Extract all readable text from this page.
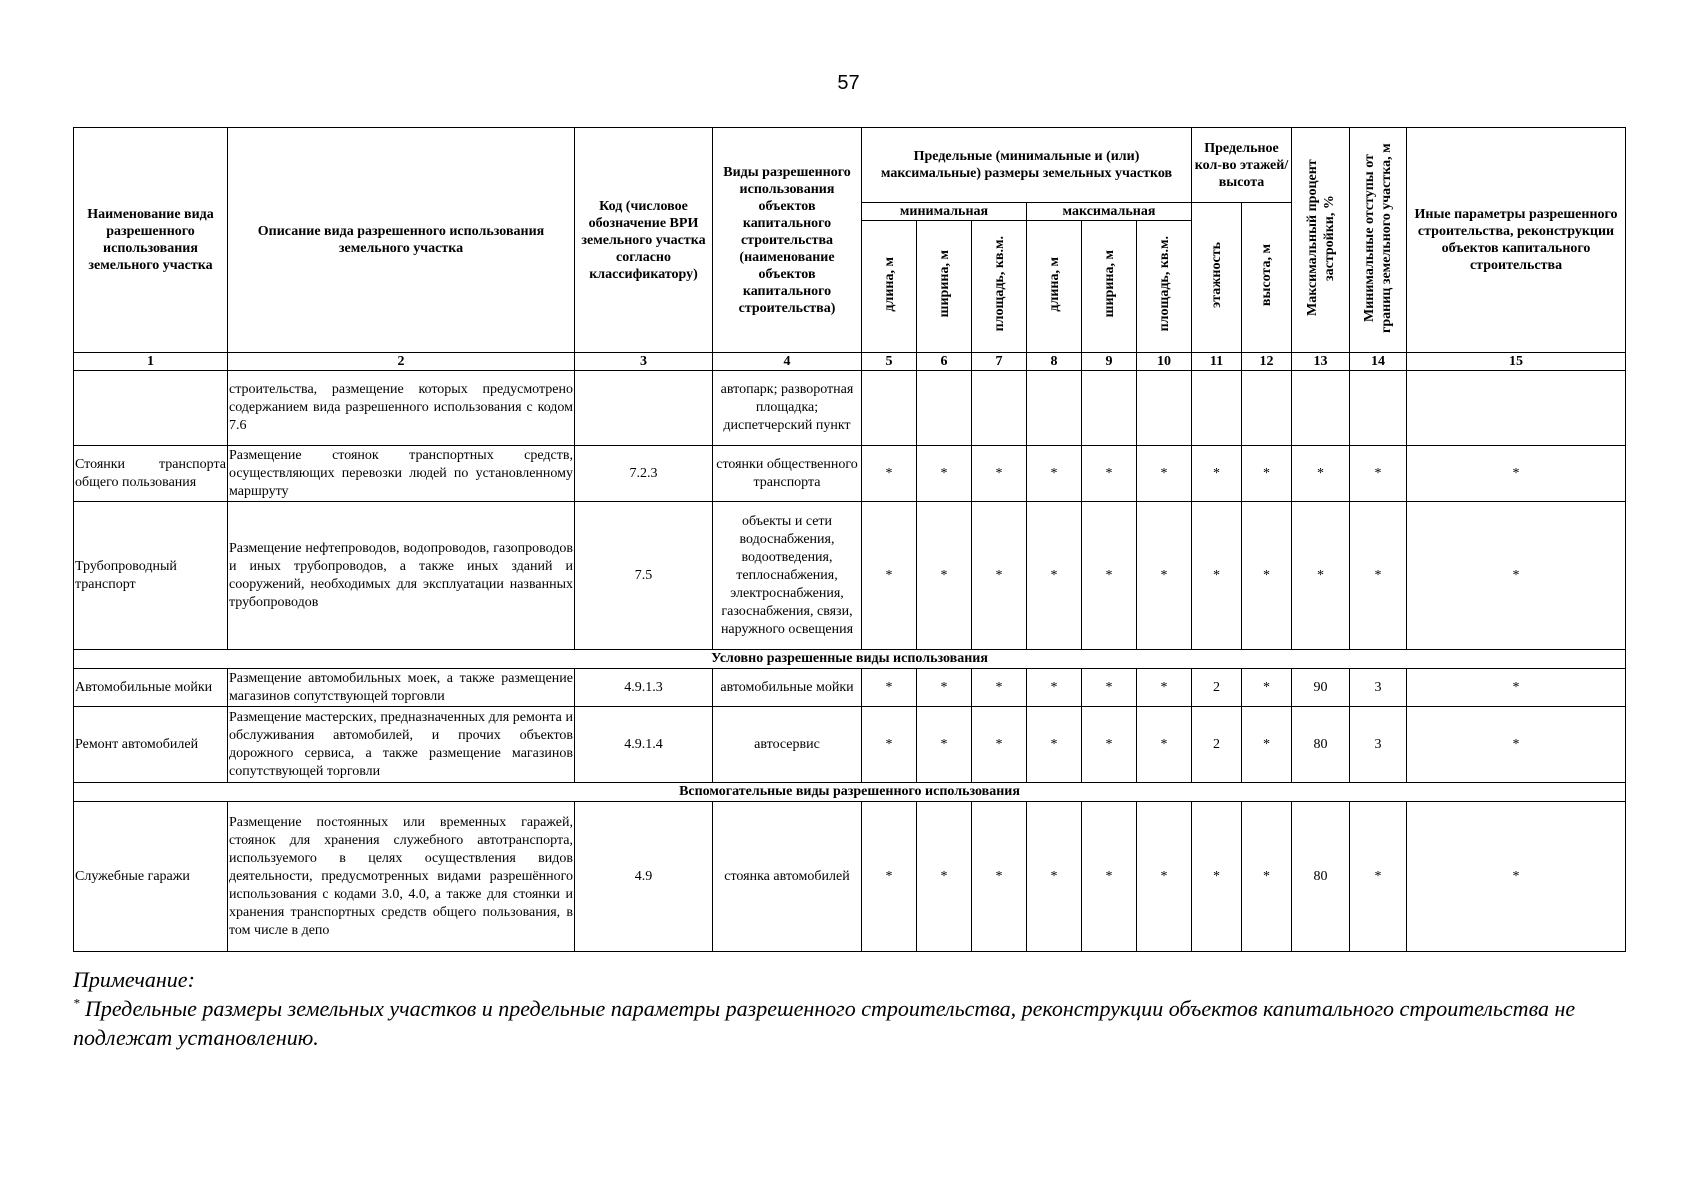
57
Наименование вида разрешенного использования земельного участка	Описание вида разрешенного использования земельного участка	Код (числовое обозначение ВРИ земельного участка согласно классификатору)	Виды разрешенного использования объектов капитального строительства (наименование объектов капитального строительства)	Предельные (минимальные и (или) максимальные) размеры земельных участков						Предельное кол-во этажей/ высота		Максимальный процент застройки, %	Минимальные отступы от границ земельного участка, м	Иные параметры разрешенного строительства, реконструкции объектов капитального строительства
				минимальная			максимальная			этажность	высота, м			
				длина, м	ширина, м	площадь, кв.м.	длина, м	ширина, м	площадь, кв.м.					
1	2	3	4	5	6	7	8	9	10	11	12	13	14	15
	строительства, размещение которых предусмотрено содержанием вида разрешенного использования с кодом 7.6		автопарк; разворотная площадка; диспетчерский пункт											
Стоянки транспорта общего пользования	Размещение стоянок транспортных средств, осуществляющих перевозки людей по установленному маршруту	7.2.3	стоянки общественного транспорта	*	*	*	*	*	*	*	*	*	*	*
Трубопроводный транспорт	Размещение нефтепроводов, водопроводов, газопроводов и иных трубопроводов, а также иных зданий и сооружений, необходимых для эксплуатации названных трубопроводов	7.5	объекты и сети водоснабжения, водоотведения, теплоснабжения, электроснабжения, газоснабжения, связи, наружного освещения	*	*	*	*	*	*	*	*	*	*	*
Условно разрешенные виды использования														
Автомобильные мойки	Размещение автомобильных моек, а также размещение магазинов сопутствующей торговли	4.9.1.3	автомобильные мойки	*	*	*	*	*	*	2	*	90	3	*
Ремонт автомобилей	Размещение мастерских, предназначенных для ремонта и обслуживания автомобилей, и прочих объектов дорожного сервиса, а также размещение магазинов сопутствующей торговли	4.9.1.4	автосервис	*	*	*	*	*	*	2	*	80	3	*
Вспомогательные виды разрешенного использования														
Служебные гаражи	Размещение постоянных или временных гаражей, стоянок для хранения служебного автотранспорта, используемого в целях осуществления видов деятельности, предусмотренных видами разрешённого использования с кодами 3.0, 4.0, а также для стоянки и хранения транспортных средств общего пользования, в том числе в депо	4.9	стоянка автомобилей	*	*	*	*	*	*	*	*	80	*	*
Примечание:
* Предельные размеры земельных участков и предельные параметры разрешенного строительства, реконструкции объектов капитального строительства не подлежат установлению.
